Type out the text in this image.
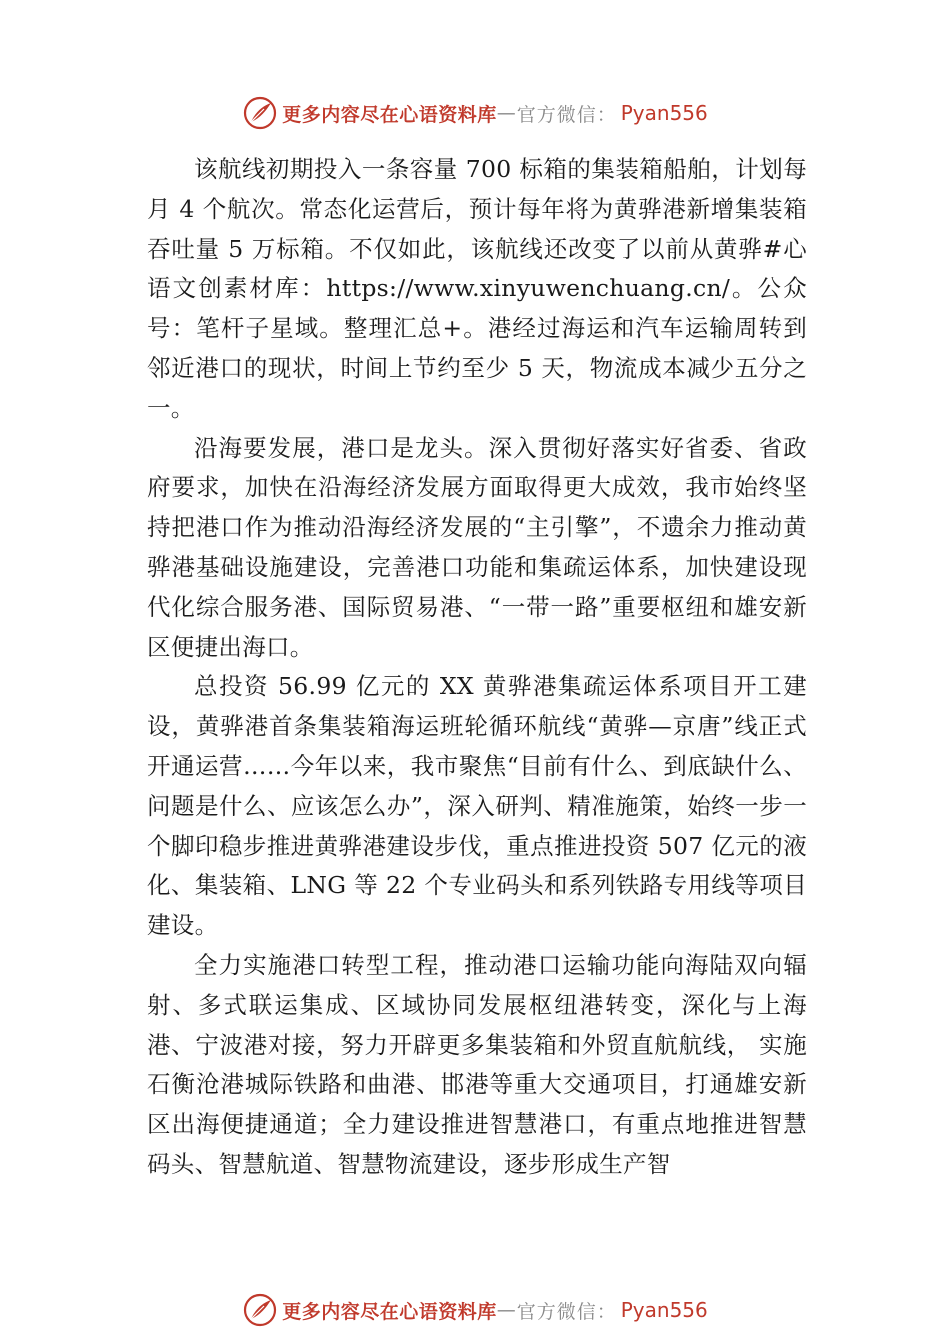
更多内容尽在心语资料库 — 官方微信： Pyan556

该航线初期投入一条容量 700 标箱的集装箱船舶，计划每月 4 个航次。常态化运营后，预计每年将为黄骅港新增集装箱吞吐量 5 万标箱。不仅如此，该航线还改变了以前从黄骅#心语文创素材库：https://www.xinyuwenchuang.cn/。公众号：笔杆子星域。整理汇总+。港经过海运和汽车运输周转到邻近港口的现状，时间上节约至少 5 天，物流成本减少五分之一。

沿海要发展，港口是龙头。深入贯彻好落实好省委、省政府要求，加快在沿海经济发展方面取得更大成效，我市始终坚持把港口作为推动沿海经济发展的“主引擎”，不遗余力推动黄骅港基础设施建设，完善港口功能和集疏运体系，加快建设现代化综合服务港、国际贸易港、“一带一路”重要枢纽和雄安新区便捷出海口。

总投资 56.99 亿元的 XX 黄骅港集疏运体系项目开工建设，黄骅港首条集装箱海运班轮循环航线“黄骅—京唐”线正式开通运营……今年以来，我市聚焦“目前有什么、到底缺什么、问题是什么、应该怎么办”，深入研判、精准施策，始终一步一个脚印稳步推进黄骅港建设步伐，重点推进投资 507 亿元的液化、集装箱、LNG 等 22 个专业码头和系列铁路专用线等项目建设。

全力实施港口转型工程，推动港口运输功能向海陆双向辐射、多式联运集成、区域协同发展枢纽港转变，深化与上海港、宁波港对接，努力开辟更多集装箱和外贸直航航线， 实施石衡沧港城际铁路和曲港、邯港等重大交通项目，打通雄安新区出海便捷通道；全力建设推进智慧港口，有重点地推进智慧码头、智慧航道、智慧物流建设，逐步形成生产智

更多内容尽在心语资料库 — 官方微信： Pyan556
